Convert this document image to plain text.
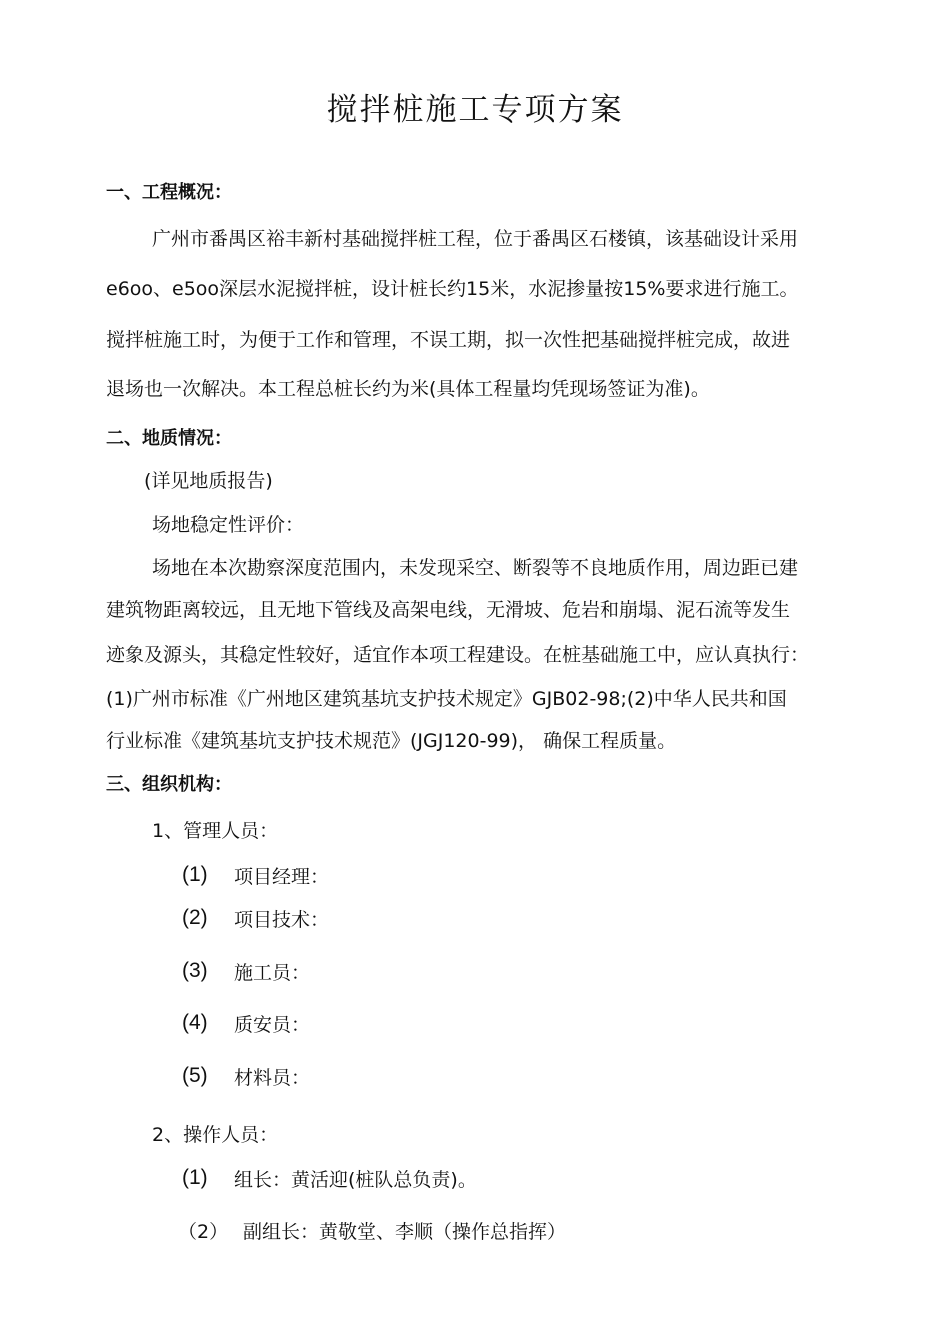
搅拌桩施工专项方案
一、工程概况：
广州市番禺区裕丰新村基础搅拌桩工程，位于番禺区石楼镇，该基础设计采用
e6oo、e5oo深层水泥搅拌桩，设计桩长约15米，水泥掺量按15%要求进行施工。
搅拌桩施工时，为便于工作和管理，不误工期，拟一次性把基础搅拌桩完成，故进
退场也一次解决。本工程总桩长约为米(具体工程量均凭现场签证为准)。
二、地质情况：
(详见地质报告)
场地稳定性评价：
场地在本次勘察深度范围内，未发现采空、断裂等不良地质作用，周边距已建
建筑物距离较远，且无地下管线及高架电线，无滑坡、危岩和崩塌、泥石流等发生
迹象及源头，其稳定性较好，适宜作本项工程建设。在桩基础施工中，应认真执行：
(1)广州市标准《广州地区建筑基坑支护技术规定》GJB02-98;(2)中华人民共和国
行业标准《建筑基坑支护技术规范》(JGJ120-99)， 确保工程质量。
三、组织机构：
1、管理人员：
(1) 项目经理：
(2) 项目技术：
(3) 施工员：
(4) 质安员：
(5) 材料员：
2、操作人员：
(1) 组长：黄活迎(桩队总负责)。
（2） 副组长：黄敬堂、李顺（操作总指挥）
